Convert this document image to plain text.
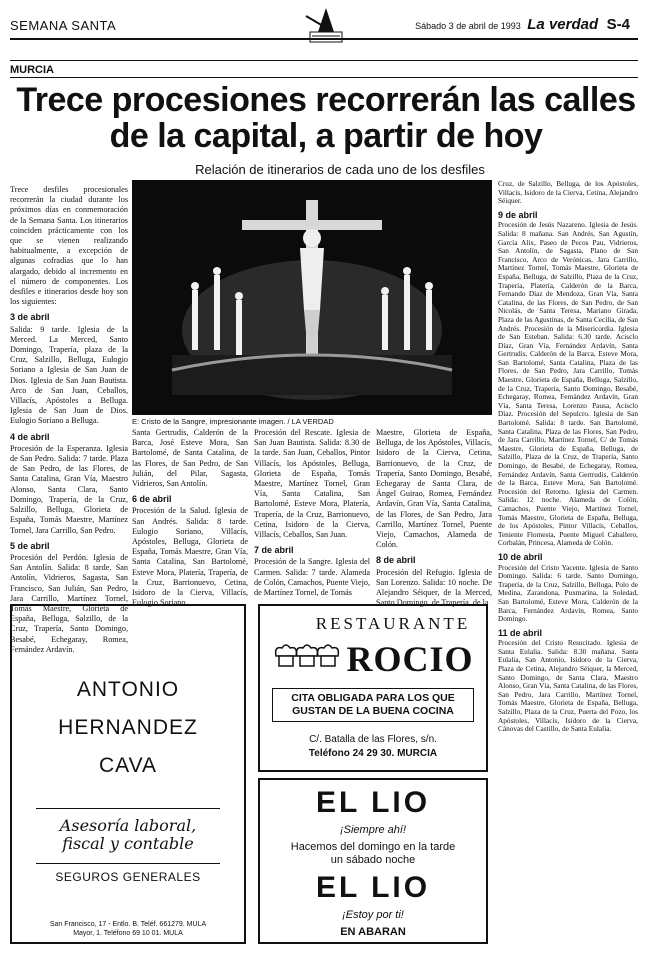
SEMANA SANTA	Sábado 3 de abril de 1993 La verdad S-4
MURCIA
Trece procesiones recorrerán las calles
de la capital, a partir de hoy
Relación de itinerarios de cada uno de los desfiles

Trece desfiles procesionales recorrerán la ciudad durante los próximos días en conmemoración de la Semana Santa. Los itinerarios coinciden prácticamente con los que se vienen realizando habitualmente, a excepción de algunas cofradías que lo han alargado, debido al incremento en el número de componentes. Los desfiles e itinerarios desde hoy son los siguientes:

3 de abril

Salida: 9 tarde. Iglesia de la Merced. La Merced, Santo Domingo, Trapería, plaza de la Cruz, Salzillo, Belluga, Eulogio Soriano a Iglesia de San Juan de Dios. Iglesia de San Juan Bautista. Arco de San Juan, Ceballos, Villacís, Apóstoles a Belluga. Iglesia de San Juan de Dios. Eulogio Soriano a Belluga.

4 de abril

Procesión de la Esperanza. Iglesia de San Pedro. Salida: 7 tarde. Plaza de San Pedro, de las Flores, de Santa Catalina, Gran Vía, Maestro Alonso, Santa Clara, Santo Domingo, Trapería, de la Cruz, Salzillo, Belluga, Glorieta de España, Tomás Maestre, Martínez Tornel, Jara Carrillo, San Pedro.

5 de abril

Procesión del Perdón. Iglesia de San Antolín. Salida: 8 tarde. San Antolín, Vidrieros, Sagasta, San Francisco, San Julián, San Pedro, Jara Carrillo, Martínez Tornel, Tomás Maestre, Glorieta de España, Belluga, Salzillo, de la Cruz, Trapería, Santo Domingo, Besabé, Echegaray, Romea, Fernández Ardavín.

E: Cristo de la Sangre, impresionante imagen. / LA VERDAD

Santa Gertrudis, Calderón de la Barca, José Esteve Mora, San Bartolomé, de Santa Catalina, de las Flores, de San Pedro, de San Julián, del Pilar, Sagasta, Vidrieros, San Antolín.

6 de abril

Procesión de la Salud. Iglesia de San Andrés. Salida: 8 tarde. Eulogio Soriano, Villacís, Apóstoles, Belluga, Glorieta de España, Tomás Maestre, Gran Vía, Santa Catalina, San Bartolomé, Esteve Mora, Platería, Trapería, de la Cruz, Barrionuevo, Cetina, Isidoro de la Cierva, Villacís, Eulogio Soriano.

Procesión del Rescate. Iglesia de San Juan Bautista. Salida: 8.30 de la tarde. San Juan, Ceballos, Pintor Villacís, los Apóstoles, Belluga, Glorieta de España, Tomás Maestre, Martínez Tornel, Gran Vía, Santa Catalina, San Bartolomé, Esteve Mora, Platería, Trapería, de la Cruz, Barrionuevo, Cetina, Isidoro de la Cierva, Villacís, Ceballos, San Juan.

7 de abril

Procesión de la Sangre. Iglesia del Carmen. Salida: 7 tarde. Alameda de Colón, Camachos, Puente Viejo, de Martínez Tornel, de Tomás

Maestre, Glorieta de España, Belluga, de los Apóstoles, Villacís, Isidoro de la Cierva, Cetina, Barrionuevo, de la Cruz, de Trapería, Santo Domingo, Besabé, Echegaray de Santa Clara, de Ángel Guirao, Romea, Fernández Ardavín, Gran Vía, Santa Catalina, de las Flores, de San Pedro, Jara Carrillo, Martínez Tornel, Puente Viejo, Camachos, Alameda de Colón.

8 de abril

Procesión del Refugio. Iglesia de San Lorenzo. Salida: 10 noche. De Alejandro Séiquer, de la Merced, Santo Domingo, de Trapería, de la

Cruz, de Salzillo, Belluga, de los Apóstoles, Villacís, Isidoro de la Cierva, Cetina, Alejandro Séiquer.

9 de abril

Procesión de Jesús Nazareno. Iglesia de Jesús. Salida: 8 mañana. San Andrés, San Agustín, García Alix, Paseo de Pecos Pau, Vidrieros, San Antolín, de Sagasta, Plano de San Francisco, Arco de Verónicas, Jara Carrillo, Martínez Tornel, Tomás Maestre, Glorieta de España, Belluga, de Salzillo, Plaza de la Cruz, Trapería, Platería, Calderón de la Barca, Fernando Díaz de Mendoza, Gran Vía, Santa Catalina, de las Flores, de San Pedro, de San Nicolás, de Santa Teresa, Mariano Girada, Plaza de las Agustinas, de Santa Cecilia, de San Andrés. Procesión de la Misericordia. Iglesia de San Esteban. Salida: 6.30 tarde. Acisclo Díaz, Gran Vía, Fernández Ardavín, Santa Gertrudis, Calderón de la Barca, Esteve Mora, San Bartolomé, Santa Catalina, Plaza de las Flores, de San Pedro, Jara Carrillo, Tomás Maestre, Glorieta de España, Belluga, Salzillo, de la Cruz, Trapería, Santo Domingo, Besabé, Echegaray, Romea, Fernández Ardavín, Gran Vía, Santa Teresa, Lorenzo Pausa, Acisclo Díaz. Procesión del Sepulcro. Iglesia de San Bartolomé. Salida: 8 tarde. San Bartolomé, Santa Catalina, Plaza de las Flores, San Pedro, de Jara Carrillo, Martínez Tornel, C/ de Tomás Maestre, Glorieta de España, Belluga, de Salzillo, Plaza de la Cruz, de Trapería, Santo Domingo, de Besabé, de Echegaray, Romea, Fernández Ardavín, Santa Gertrudis, Calderón de la Barca, Esteve Mora, San Bartolomé. Procesión del Retorno. Iglesia del Carmen. Salida: 12 noche. Alameda de Colón, Camachos, Puente Viejo, Martínez Tornel, Tomás Maestre, Glorieta de España, Belluga, de los Apóstoles, Pintor Villacís, Ceballos, Teniente Flomesta, Puente Miguel Caballero, Corbalán, Princesa, Alameda de Colón.

10 de abril

Procesión del Cristo Yacente. Iglesia de Santo Domingo. Salida: 6 tarde. Santo Domingo, Trapería, de la Cruz, Salzillo, Belluga, Polo de Medina, Zarandona, Puxmarina, la Soledad, San Bartolomé, Esteve Mora, Calderón de la Barca, Fernández Ardavín, Romea, Santo Domingo.

11 de abril

Procesión del Cristo Resucitado. Iglesia de Santa Eulalia. Salida: 8.30 mañana. Santa Eulalia, San Antonio, Isidoro de la Cierva, Plaza de Cetina, Alejandro Séiquer, la Merced, Santo Domingo, de Santa Clara, Maestro Alonso, Gran Vía, Santa Catalina, de las Flores, San Pedro, Jara Carrillo, Martínez Tornel, Tomás Maestre, Glorieta de España, Belluga, Salzillo, Plaza de la Cruz, Puerta del Pozo, los Apóstoles, Villacís, Isidoro de la Cierva, Cánovas del Castillo, de Santa Eulalia.

ANTONIO
HERNANDEZ
CAVA
Asesoría laboral,
fiscal y contable
SEGUROS GENERALES
San Francisco, 17 - Entlo. B. Teléf. 661279. MULA
Mayor, 1. Teléfono 69 10 01. MULA
RESTAURANTE
ROCIO
CITA OBLIGADA PARA LOS QUE
GUSTAN DE LA BUENA COCINA
C/. Batalla de las Flores, s/n.
Teléfono 24 29 30. MURCIA
EL LIO
¡Siempre ahí!
Hacemos del domingo en la tarde
un sábado noche
EL LIO
¡Estoy por ti!
EN ABARAN
